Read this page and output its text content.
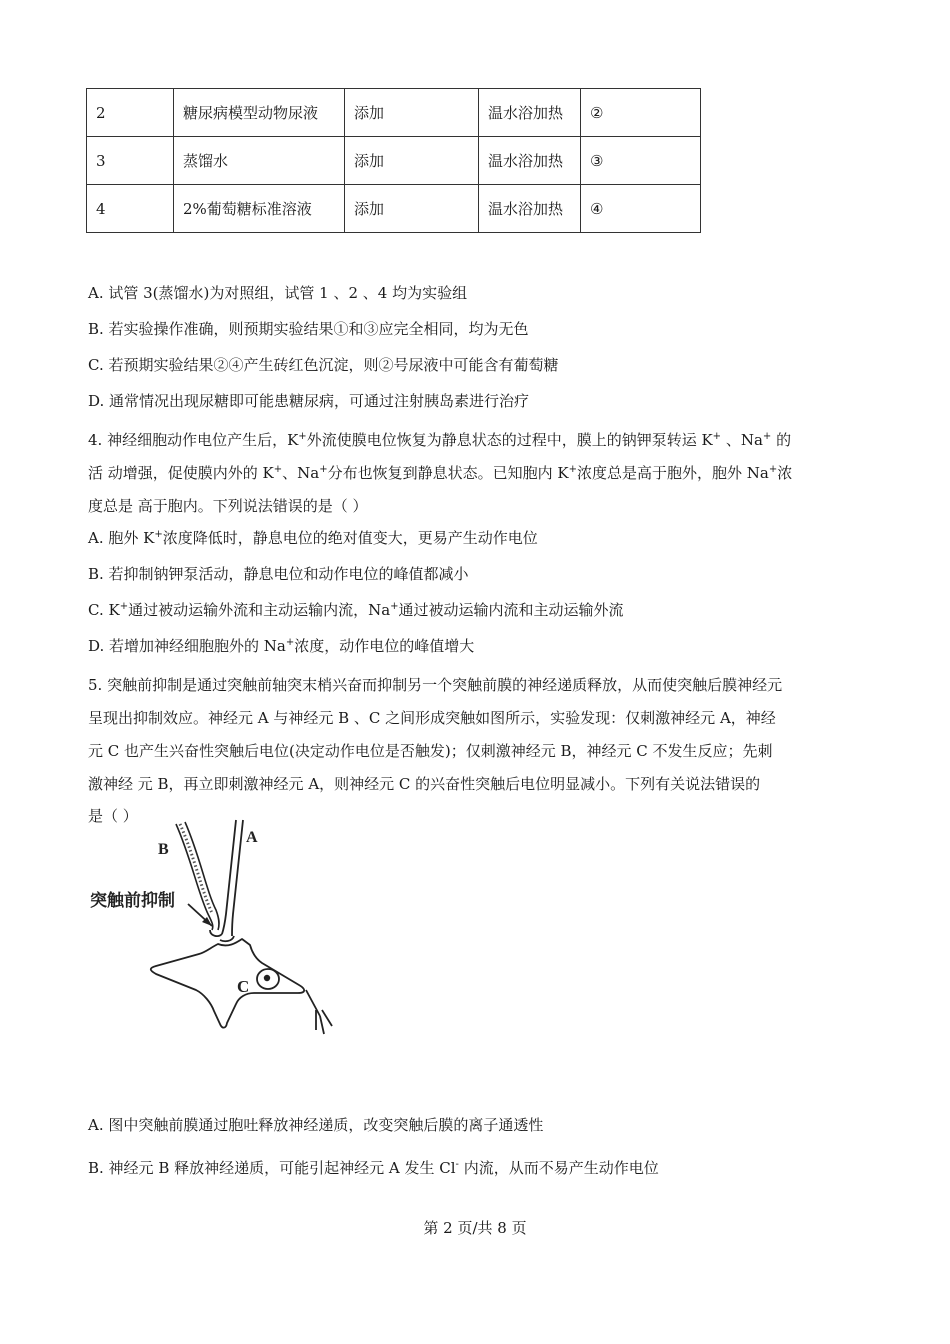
2	糖尿病模型动物尿液	添加	温水浴加热	②
3	蒸馏水	添加	温水浴加热	③
4	2%葡萄糖标准溶液	添加	温水浴加热	④
A. 试管 3(蒸馏水)为对照组，试管 1 、2 、4 均为实验组
B. 若实验操作准确，则预期实验结果①和③应完全相同，均为无色
C. 若预期实验结果②④产生砖红色沉淀，则②号尿液中可能含有葡萄糖
D. 通常情况出现尿糖即可能患糖尿病，可通过注射胰岛素进行治疗
4. 神经细胞动作电位产生后，K+外流使膜电位恢复为静息状态的过程中，膜上的钠钾泵转运 K+ 、Na+ 的
活 动增强，促使膜内外的 K+、Na+分布也恢复到静息状态。已知胞内 K+浓度总是高于胞外，胞外 Na+浓
度总是 高于胞内。下列说法错误的是（ ）
A. 胞外 K+浓度降低时，静息电位的绝对值变大，更易产生动作电位
B. 若抑制钠钾泵活动，静息电位和动作电位的峰值都减小
C. K+通过被动运输外流和主动运输内流，Na+通过被动运输内流和主动运输外流
D. 若增加神经细胞胞外的 Na+浓度，动作电位的峰值增大
5. 突触前抑制是通过突触前轴突末梢兴奋而抑制另一个突触前膜的神经递质释放，从而使突触后膜神经元
呈现出抑制效应。神经元 A 与神经元 B 、C 之间形成突触如图所示，实验发现：仅刺激神经元 A，神经
元 C 也产生兴奋性突触后电位(决定动作电位是否触发)；仅刺激神经元 B，神经元 C 不发生反应；先刺
激神经 元 B，再立即刺激神经元 A，则神经元 C 的兴奋性突触后电位明显减小。下列有关说法错误的
是（ ）
B
A
C
突触前抑制
A. 图中突触前膜通过胞吐释放神经递质，改变突触后膜的离子通透性
B. 神经元 B 释放神经递质，可能引起神经元 A 发生 Cl- 内流，从而不易产生动作电位
第 2 页/共 8 页
